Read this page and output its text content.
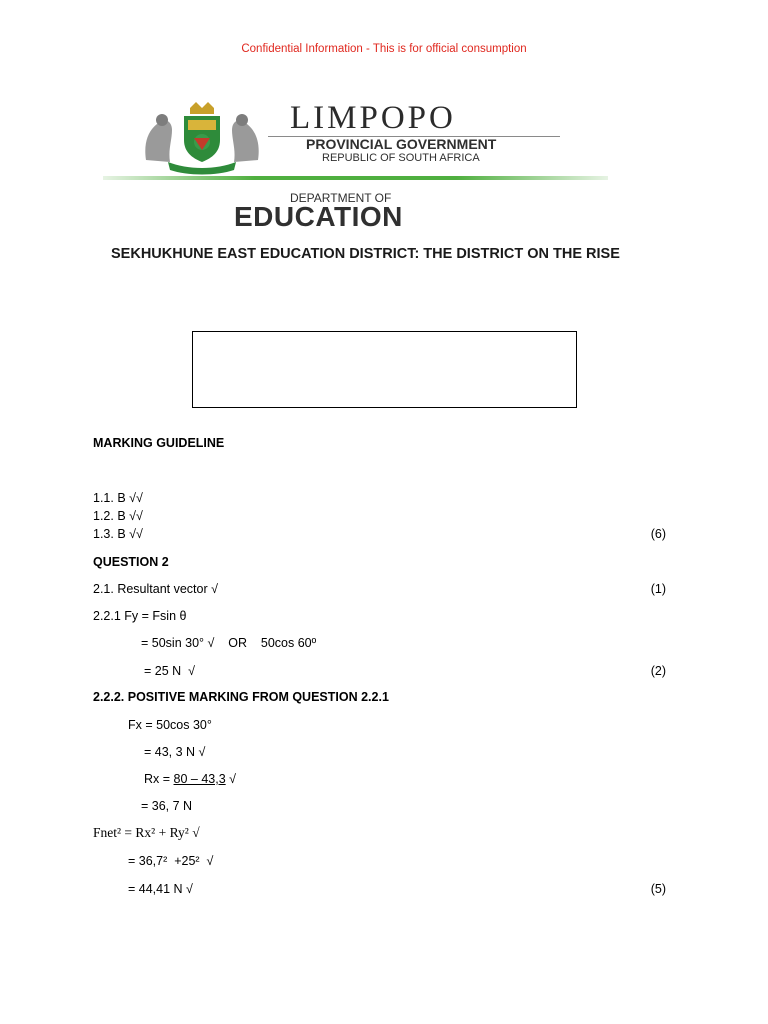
Confidential Information - This is for official consumption
LIMPOPO
PROVINCIAL GOVERNMENT
REPUBLIC OF SOUTH AFRICA
DEPARTMENT OF
EDUCATION
SEKHUKHUNE EAST EDUCATION DISTRICT: THE DISTRICT ON THE RISE
MARKING GUIDELINE
1.1. B √√
1.2. B √√
1.3. B √√	(6)
QUESTION 2
2.1. Resultant vector √	(1)
2.2.1 Fy = Fsin θ
= 50sin 30° √    OR    50cos 60º
= 25 N  √	(2)
2.2.2. POSITIVE MARKING FROM QUESTION 2.2.1
Fx = 50cos 30°
= 43, 3 N √
Rx = 80 – 43,3 √
= 36, 7 N
Fnet² = Rx² + Ry² √
= 36,7²  +25²  √
= 44,41 N √	(5)
